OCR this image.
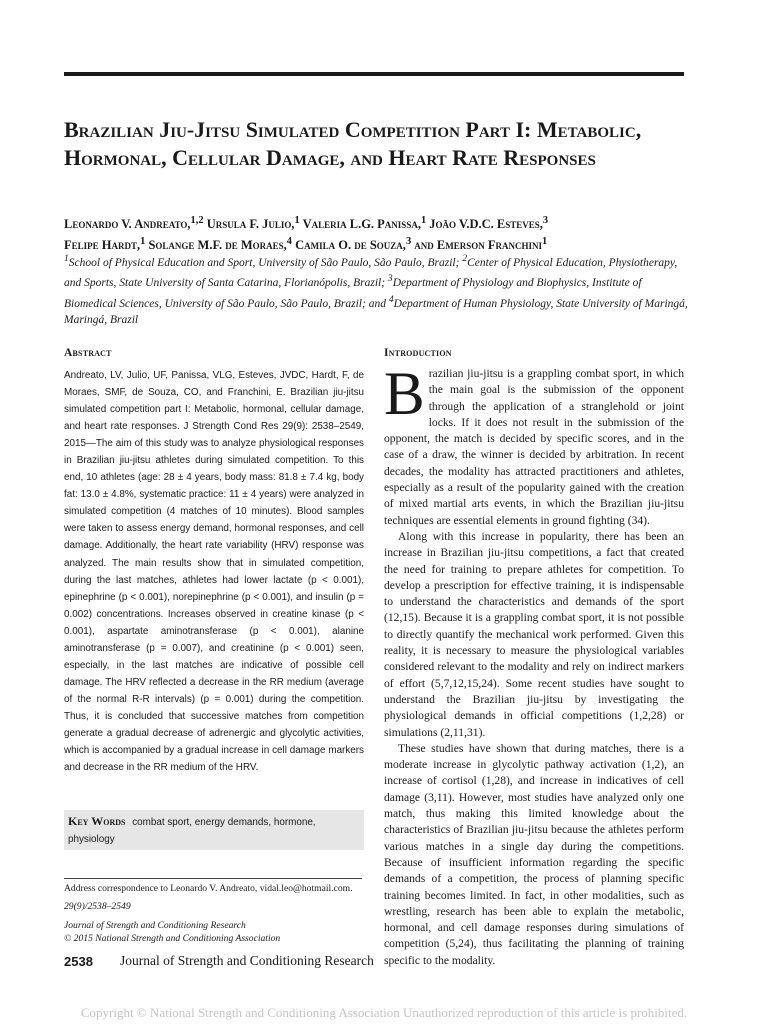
Brazilian Jiu-Jitsu Simulated Competition Part I: Metabolic, Hormonal, Cellular Damage, and Heart Rate Responses
Leonardo V. Andreato,$^{1,2}$ Ursula F. Julio,$^1$ Valeria L.G. Panissa,$^1$ João V.D.C. Esteves,$^3$
Felipe Hardt,$^1$ Solange M.F. de Moraes,$^4$ Camila O. de Souza,$^3$ and Emerson Franchini$^1$
$^1$School of Physical Education and Sport, University of São Paulo, São Paulo, Brazil; $^2$Center of Physical Education, Physiotherapy, and Sports, State University of Santa Catarina, Florianópolis, Brazil; $^3$Department of Physiology and Biophysics, Institute of Biomedical Sciences, University of São Paulo, São Paulo, Brazil; and $^4$Department of Human Physiology, State University of Maringá, Maringá, Brazil
Abstract

Andreato, LV, Julio, UF, Panissa, VLG, Esteves, JVDC, Hardt, F, de Moraes, SMF, de Souza, CO, and Franchini, E. Brazilian jiu-jitsu simulated competition part I: Metabolic, hormonal, cellular damage, and heart rate responses. J Strength Cond Res 29(9): 2538–2549, 2015—The aim of this study was to analyze physiological responses in Brazilian jiu-jitsu athletes during simulated competition. To this end, 10 athletes (age: 28 ± 4 years, body mass: 81.8 ± 7.4 kg, body fat: 13.0 ± 4.8%, systematic practice: 11 ± 4 years) were analyzed in simulated competition (4 matches of 10 minutes). Blood samples were taken to assess energy demand, hormonal responses, and cell damage. Additionally, the heart rate variability (HRV) response was analyzed. The main results show that in simulated competition, during the last matches, athletes had lower lactate (p < 0.001), epinephrine (p < 0.001), norepinephrine (p < 0.001), and insulin (p = 0.002) concentrations. Increases observed in creatine kinase (p < 0.001), aspartate aminotransferase (p < 0.001), alanine aminotransferase (p = 0.007), and creatinine (p < 0.001) seen, especially, in the last matches are indicative of possible cell damage. The HRV reflected a decrease in the RR medium (average of the normal R-R intervals) (p = 0.001) during the competition. Thus, it is concluded that successive matches from competition generate a gradual decrease of adrenergic and glycolytic activities, which is accompanied by a gradual increase in cell damage markers and decrease in the RR medium of the HRV.

Key Words combat sport, energy demands, hormone, physiology
Address correspondence to Leonardo V. Andreato, vidal.leo@hotmail.com.
29(9)/2538–2549
Journal of Strength and Conditioning Research
© 2015 National Strength and Conditioning Association
2538 Journal of Strength and Conditioning Research
Introduction

Brazilian jiu-jitsu is a grappling combat sport, in which the main goal is the submission of the opponent through the application of a stranglehold or joint locks. If it does not result in the submission of the opponent, the match is decided by specific scores, and in the case of a draw, the winner is decided by arbitration. In recent decades, the modality has attracted practitioners and athletes, especially as a result of the popularity gained with the creation of mixed martial arts events, in which the Brazilian jiu-jitsu techniques are essential elements in ground fighting (34).

Along with this increase in popularity, there has been an increase in Brazilian jiu-jitsu competitions, a fact that created the need for training to prepare athletes for competition. To develop a prescription for effective training, it is indispensable to understand the characteristics and demands of the sport (12,15). Because it is a grappling combat sport, it is not possible to directly quantify the mechanical work performed. Given this reality, it is necessary to measure the physiological variables considered relevant to the modality and rely on indirect markers of effort (5,7,12,15,24). Some recent studies have sought to understand the Brazilian jiu-jitsu by investigating the physiological demands in official competitions (1,2,28) or simulations (2,11,31).

These studies have shown that during matches, there is a moderate increase in glycolytic pathway activation (1,2), an increase of cortisol (1,28), and increase in indicatives of cell damage (3,11). However, most studies have analyzed only one match, thus making this limited knowledge about the characteristics of Brazilian jiu-jitsu because the athletes perform various matches in a single day during the competitions. Because of insufficient information regarding the specific demands of a competition, the process of planning specific training becomes limited. In fact, in other modalities, such as wrestling, research has been able to explain the metabolic, hormonal, and cell damage responses during simulations of competition (5,24), thus facilitating the planning of training specific to the modality.

Copyright © National Strength and Conditioning Association Unauthorized reproduction of this article is prohibited.
